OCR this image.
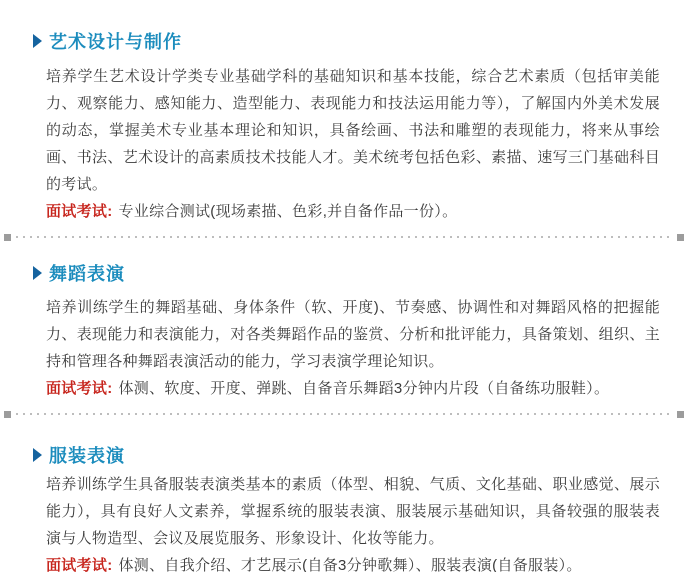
艺术设计与制作
培养学生艺术设计学类专业基础学科的基础知识和基本技能，综合艺术素质（包括审美能力、观察能力、感知能力、造型能力、表现能力和技法运用能力等），了解国内外美术发展的动态，掌握美术专业基本理论和知识，具备绘画、书法和雕塑的表现能力，将来从事绘画、书法、艺术设计的高素质技术技能人才。美术统考包括色彩、素描、速写三门基础科目的考试。
面试考试: 专业综合测试(现场素描、色彩,并自备作品一份）。
舞蹈表演
培养训练学生的舞蹈基础、身体条件（软、开度)、节奏感、协调性和对舞蹈风格的把握能力、表现能力和表演能力，对各类舞蹈作品的鉴赏、分析和批评能力，具备策划、组织、主持和管理各种舞蹈表演活动的能力，学习表演学理论知识。
面试考试: 体测、软度、开度、弹跳、自备音乐舞蹈3分钟内片段（自备练功服鞋）。
服装表演
培养训练学生具备服装表演类基本的素质（体型、相貌、气质、文化基础、职业感觉、展示能力），具有良好人文素养，掌握系统的服装表演、服装展示基础知识，具备较强的服装表演与人物造型、会议及展览服务、形象设计、化妆等能力。
面试考试: 体测、自我介绍、才艺展示(自备3分钟歌舞）、服装表演(自备服装）。
